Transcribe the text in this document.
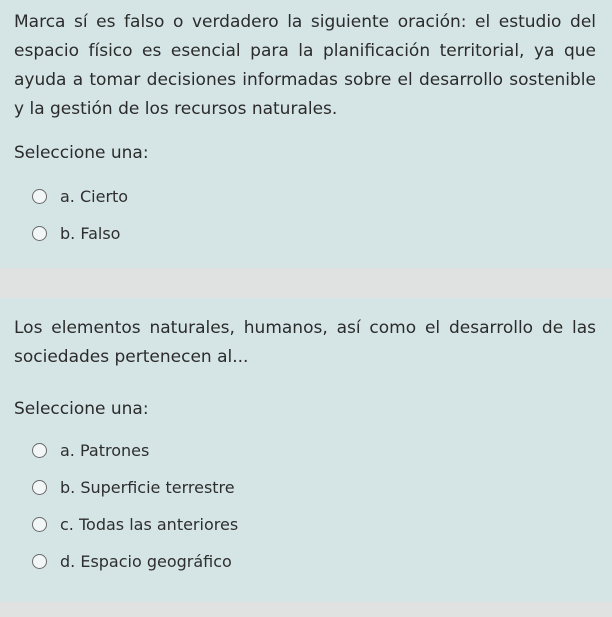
Marca sí es falso o verdadero la siguiente oración: el estudio del espacio físico es esencial para la planificación territorial, ya que ayuda a tomar decisiones informadas sobre el desarrollo sostenible y la gestión de los recursos naturales.

Seleccione una:

a. Cierto
b. Falso

Los elementos naturales, humanos, así como el desarrollo de las sociedades pertenecen al...

Seleccione una:

a. Patrones
b. Superficie terrestre
c. Todas las anteriores
d. Espacio geográfico
